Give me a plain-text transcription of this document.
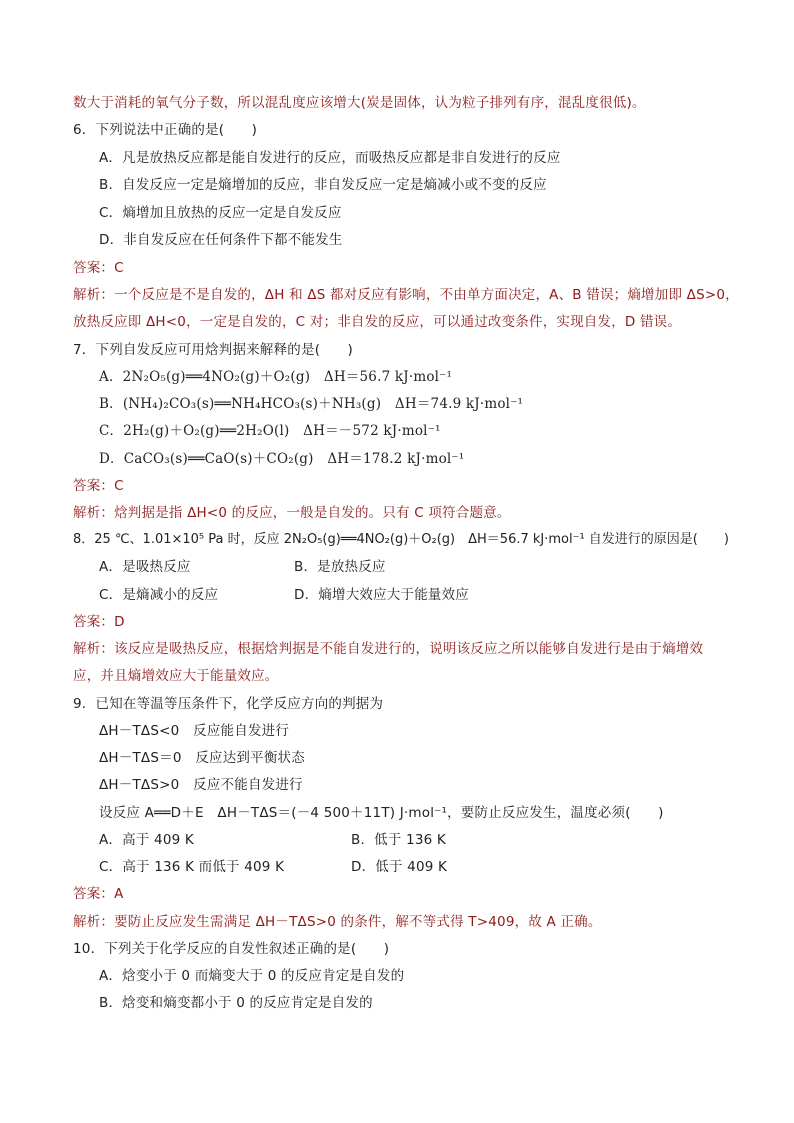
数大于消耗的氧气分子数，所以混乱度应该增大(炭是固体，认为粒子排列有序，混乱度很低)。
6．下列说法中正确的是(　　)
A．凡是放热反应都是能自发进行的反应，而吸热反应都是非自发进行的反应
B．自发反应一定是熵增加的反应，非自发反应一定是熵减小或不变的反应
C．熵增加且放热的反应一定是自发反应
D．非自发反应在任何条件下都不能发生
答案：C
解析：一个反应是不是自发的，ΔH 和 ΔS 都对反应有影响，不由单方面决定，A、B 错误；熵增加即 ΔS>0，
放热反应即 ΔH<0，一定是自发的，C 对；非自发的反应，可以通过改变条件，实现自发，D 错误。
7．下列自发反应可用焓判据来解释的是(　　)
A．2N₂O₅(g)══4NO₂(g)＋O₂(g)　ΔH＝56.7 kJ·mol⁻¹
B．(NH₄)₂CO₃(s)══NH₄HCO₃(s)＋NH₃(g)　ΔH＝74.9 kJ·mol⁻¹
C．2H₂(g)＋O₂(g)══2H₂O(l)　ΔH＝－572 kJ·mol⁻¹
D．CaCO₃(s)══CaO(s)＋CO₂(g)　ΔH＝178.2 kJ·mol⁻¹
答案：C
解析：焓判据是指 ΔH<0 的反应，一般是自发的。只有 C 项符合题意。
8．25 ℃、1.01×10⁵ Pa 时，反应 2N₂O₅(g)══4NO₂(g)＋O₂(g)　ΔH＝56.7 kJ·mol⁻¹ 自发进行的原因是(　　)
A．是吸热反应	B．是放热反应
C．是熵减小的反应	D．熵增大效应大于能量效应
答案：D
解析：该反应是吸热反应，根据焓判据是不能自发进行的，说明该反应之所以能够自发进行是由于熵增效
应，并且熵增效应大于能量效应。
9．已知在等温等压条件下，化学反应方向的判据为
ΔH－TΔS<0　反应能自发进行
ΔH－TΔS＝0　反应达到平衡状态
ΔH－TΔS>0　反应不能自发进行
设反应 A══D＋E　ΔH－TΔS＝(－4 500＋11T) J·mol⁻¹，要防止反应发生，温度必须(　　)
A．高于 409 K	B．低于 136 K
C．高于 136 K 而低于 409 K	D．低于 409 K
答案：A
解析：要防止反应发生需满足 ΔH－TΔS>0 的条件，解不等式得 T>409，故 A 正确。
10．下列关于化学反应的自发性叙述正确的是(　　)
A．焓变小于 0 而熵变大于 0 的反应肯定是自发的
B．焓变和熵变都小于 0 的反应肯定是自发的
